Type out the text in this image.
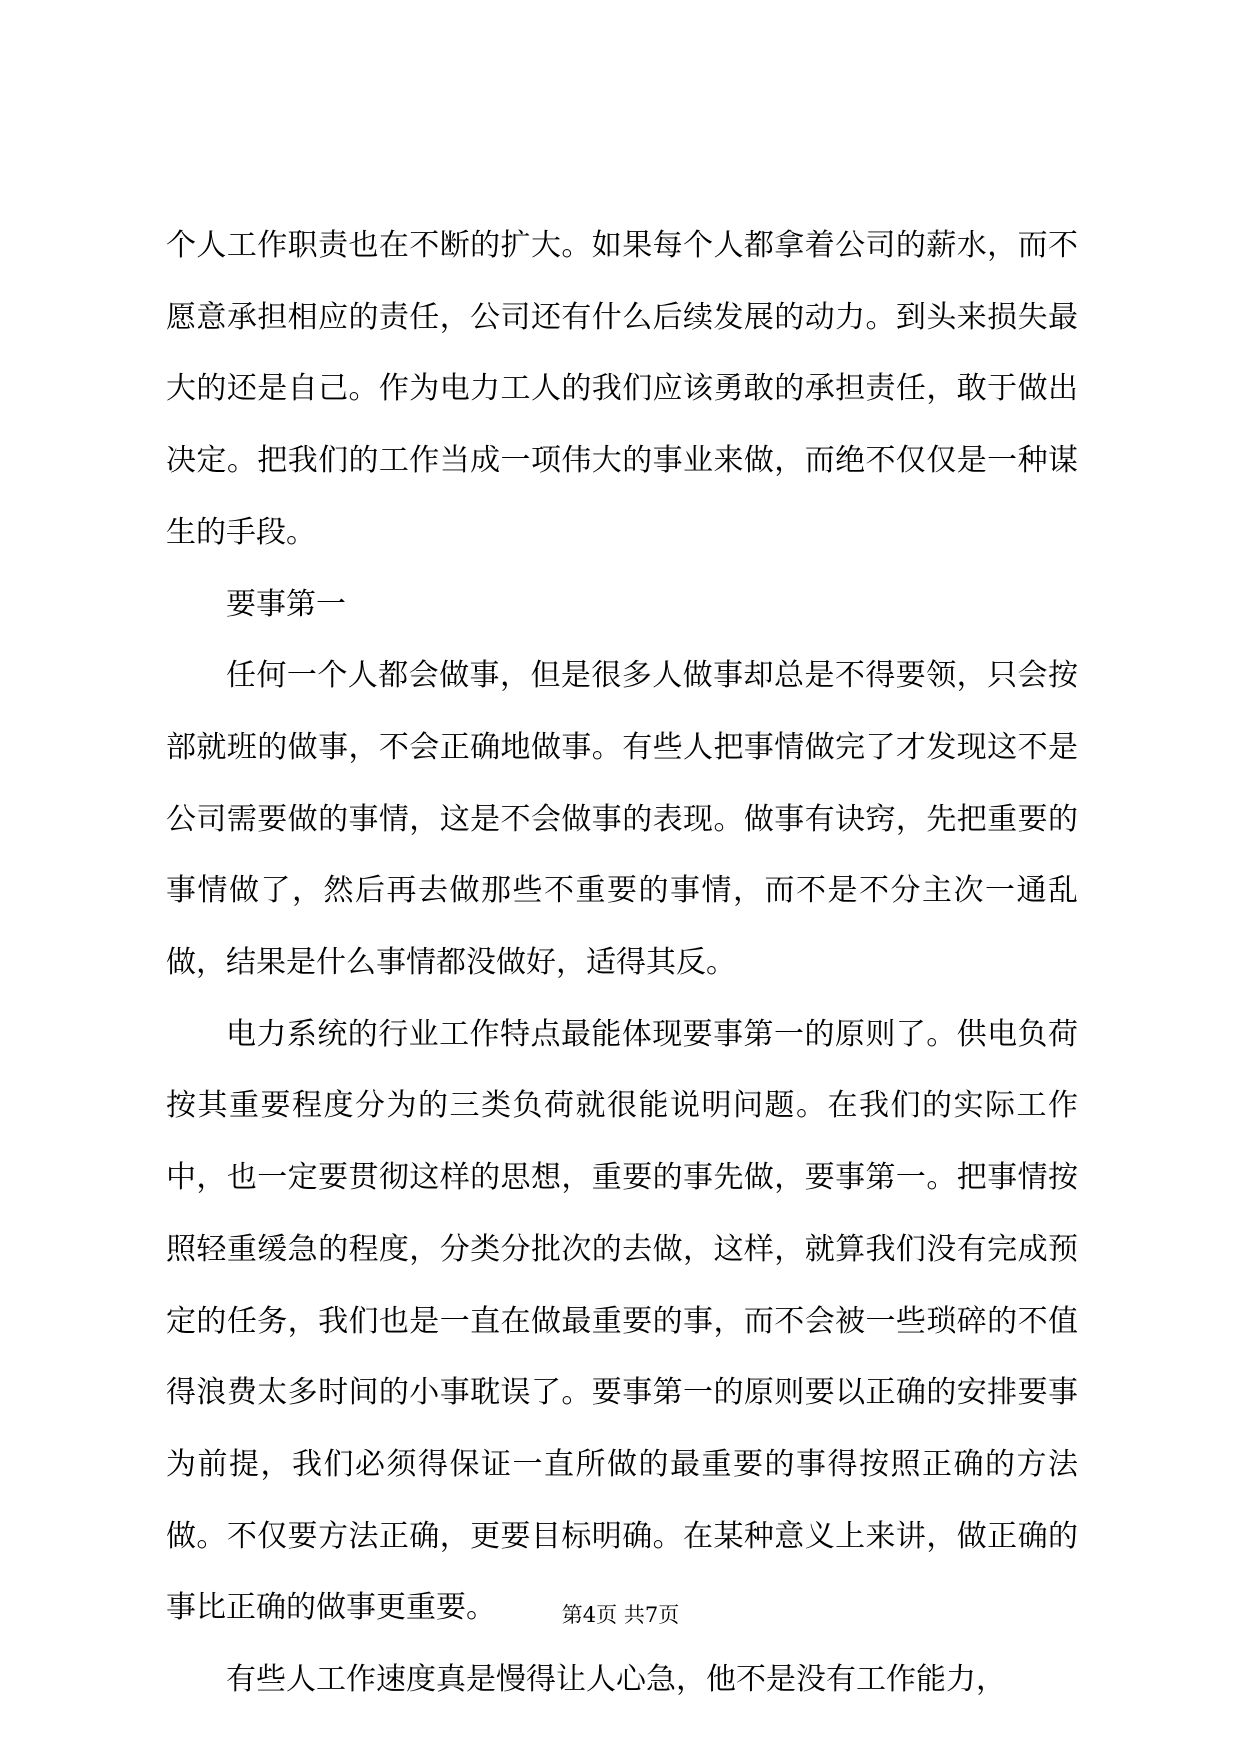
个人工作职责也在不断的扩大。如果每个人都拿着公司的薪水，而不愿意承担相应的责任，公司还有什么后续发展的动力。到头来损失最大的还是自己。作为电力工人的我们应该勇敢的承担责任，敢于做出决定。把我们的工作当成一项伟大的事业来做，而绝不仅仅是一种谋生的手段。

要事第一

任何一个人都会做事，但是很多人做事却总是不得要领，只会按部就班的做事，不会正确地做事。有些人把事情做完了才发现这不是公司需要做的事情，这是不会做事的表现。做事有诀窍，先把重要的事情做了，然后再去做那些不重要的事情，而不是不分主次一通乱做，结果是什么事情都没做好，适得其反。

电力系统的行业工作特点最能体现要事第一的原则了。供电负荷按其重要程度分为的三类负荷就很能说明问题。在我们的实际工作中，也一定要贯彻这样的思想，重要的事先做，要事第一。把事情按照轻重缓急的程度，分类分批次的去做，这样，就算我们没有完成预定的任务，我们也是一直在做最重要的事，而不会被一些琐碎的不值得浪费太多时间的小事耽误了。要事第一的原则要以正确的安排要事为前提，我们必须得保证一直所做的最重要的事得按照正确的方法做。不仅要方法正确，更要目标明确。在某种意义上来讲，做正确的事比正确的做事更重要。

有些人工作速度真是慢得让人心急，他不是没有工作能力，

第4页 共7页
